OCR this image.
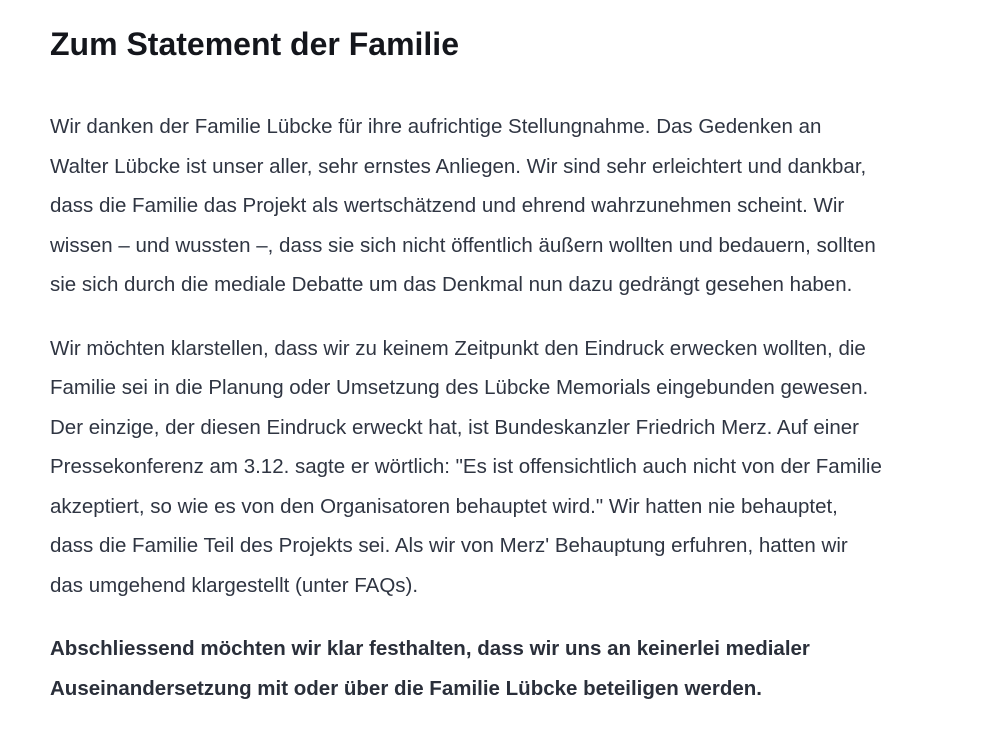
Zum Statement der Familie

Wir danken der Familie Lübcke für ihre aufrichtige Stellungnahme. Das Gedenken an
Walter Lübcke ist unser aller, sehr ernstes Anliegen. Wir sind sehr erleichtert und dankbar,
dass die Familie das Projekt als wertschätzend und ehrend wahrzunehmen scheint. Wir
wissen – und wussten –, dass sie sich nicht öffentlich äußern wollten und bedauern, sollten
sie sich durch die mediale Debatte um das Denkmal nun dazu gedrängt gesehen haben.

Wir möchten klarstellen, dass wir zu keinem Zeitpunkt den Eindruck erwecken wollten, die
Familie sei in die Planung oder Umsetzung des Lübcke Memorials eingebunden gewesen.
Der einzige, der diesen Eindruck erweckt hat, ist Bundeskanzler Friedrich Merz. Auf einer
Pressekonferenz am 3.12. sagte er wörtlich: "Es ist offensichtlich auch nicht von der Familie
akzeptiert, so wie es von den Organisatoren behauptet wird." Wir hatten nie behauptet,
dass die Familie Teil des Projekts sei. Als wir von Merz' Behauptung erfuhren, hatten wir
das umgehend klargestellt (unter FAQs).

Abschliessend möchten wir klar festhalten, dass wir uns an keinerlei medialer
Auseinandersetzung mit oder über die Familie Lübcke beteiligen werden.
